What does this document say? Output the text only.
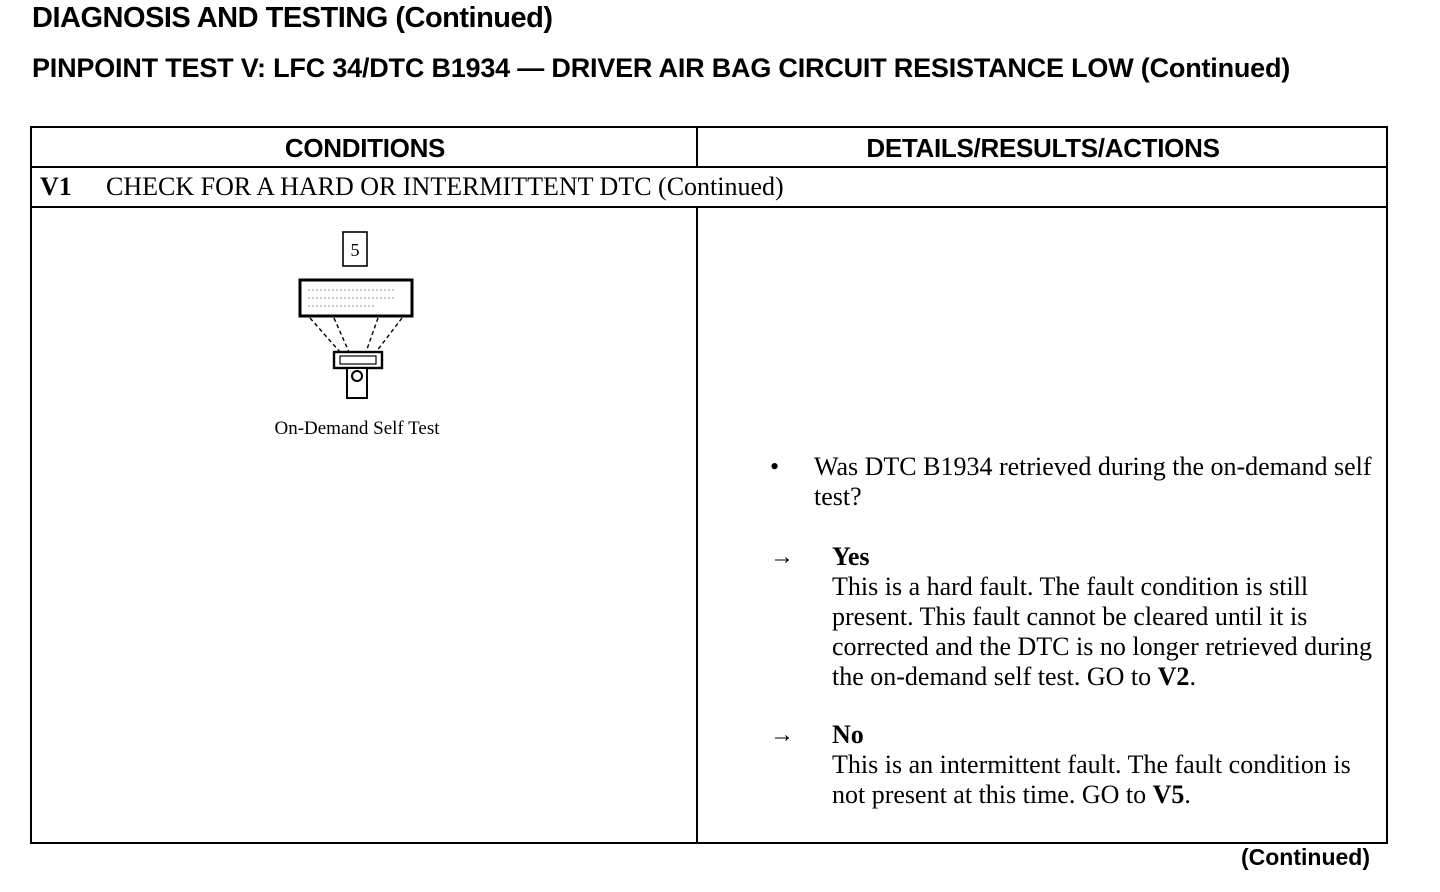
DIAGNOSIS AND TESTING (Continued)
PINPOINT TEST V: LFC 34/DTC B1934 — DRIVER AIR BAG CIRCUIT RESISTANCE LOW (Continued)
CONDITIONS	DETAILS/RESULTS/ACTIONS
V1 CHECK FOR A HARD OR INTERMITTENT DTC (Continued)
5
On-Demand Self Test
• Was DTC B1934 retrieved during the on-demand self test?
→ Yes
This is a hard fault. The fault condition is still present. This fault cannot be cleared until it is corrected and the DTC is no longer retrieved during the on-demand self test. GO to V2.
→ No
This is an intermittent fault. The fault condition is not present at this time. GO to V5.
(Continued)
